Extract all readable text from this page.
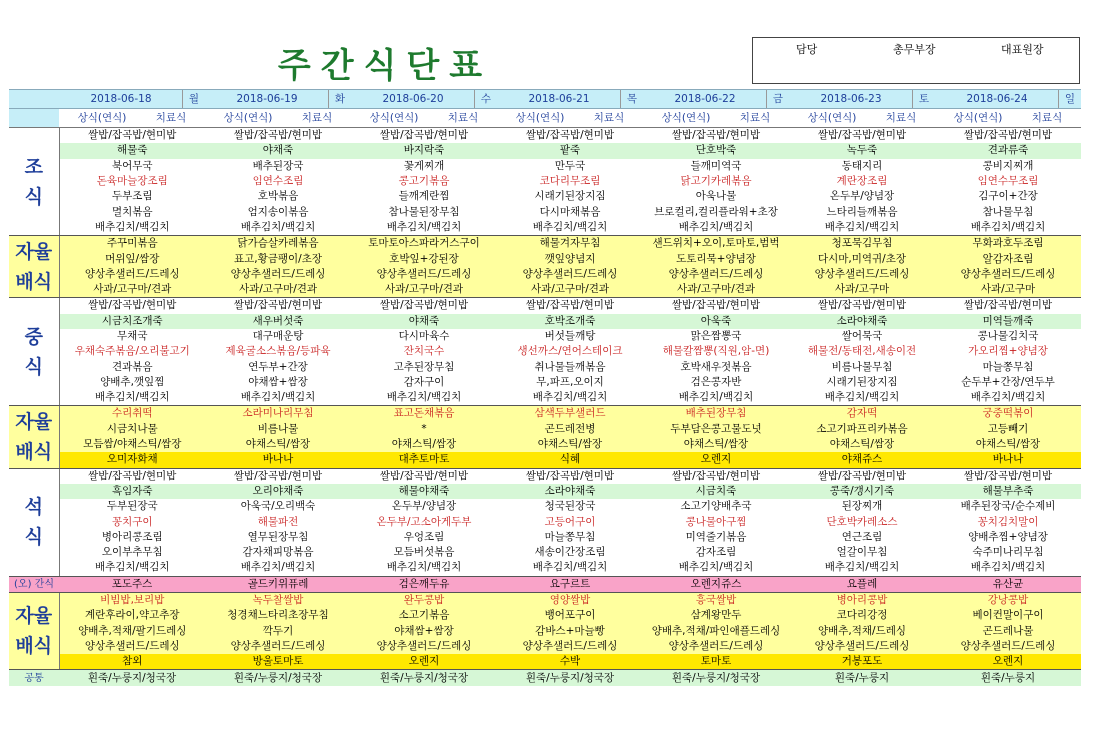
주간식단표	담당	총무부장	대표원장
	2018-06-18 월	2018-06-19 화	2018-06-20 수	2018-06-21 목	2018-06-22 금	2018-06-23 토	2018-06-24 일

	상식(연식) 치료식	상식(연식) 치료식	상식(연식) 치료식	상식(연식) 치료식	상식(연식) 치료식	상식(연식) 치료식	상식(연식) 치료식
조식	쌀밥/잡곡밥/현미밥	쌀밥/잡곡밥/현미밥	쌀밥/잡곡밥/현미밥	쌀밥/잡곡밥/현미밥	쌀밥/잡곡밥/현미밥	쌀밥/잡곡밥/현미밥	쌀밥/잡곡밥/현미밥
	해물죽	야채죽	바지락죽	팥죽	단호박죽	녹두죽	견과류죽
	북어무국	배추된장국	꽃게찌개	만두국	들깨미역국	동태지리	콩비지찌개
	돈육마늘장조림	임연수조림	콩고기볶음	코다리무조림	닭고기카레볶음	계란장조림	임연수무조림
	두부조림	호박볶음	들깨계란찜	시래기된장지짐	아욱나물	온두부/양념장	김구이+간장
	멸치볶음	엄지송이볶음	참나물된장무침	다시마채볶음	브로컬리,컬리플라워+초장	느타리들깨볶음	참나물무침
	배추김치/백김치	배추김치/백김치	배추김치/백김치	배추김치/백김치	배추김치/백김치	배추김치/백김치	배추김치/백김치
자율배식	주꾸미볶음	닭가슴살카레볶음	토마토아스파라거스구이	해물겨자무침	샌드위치+오이,토마토,범벅	청포묵김무침	무화과호두조림
	머위잎/쌈장	표고,황금팽이/초장	호박잎+강된장	깻잎양념지	도토리묵+양념장	다시마,미역귀/초장	알감자조림
	양상추샐러드/드레싱	양상추샐러드/드레싱	양상추샐러드/드레싱	양상추샐러드/드레싱	양상추샐러드/드레싱	양상추샐러드/드레싱	양상추샐러드/드레싱
	사과/고구마/견과	사과/고구마/견과	사과/고구마/견과	사과/고구마/견과	사과/고구마/견과	사과/고구마	사과/고구마
중식	쌀밥/잡곡밥/현미밥	쌀밥/잡곡밥/현미밥	쌀밥/잡곡밥/현미밥	쌀밥/잡곡밥/현미밥	쌀밥/잡곡밥/현미밥	쌀밥/잡곡밥/현미밥	쌀밥/잡곡밥/현미밥
	시금치조개죽	새우버섯죽	야채죽	호박조개죽	아욱죽	소라야채죽	미역들깨죽
	무채국	대구매운탕	다시마육수	버섯들깨탕	맑은짬뽕국	쌀어묵국	콩나물김치국
	우채숙주볶음/오리불고기	제육굴소스볶음/등파육	잔치국수	생선까스/연어스테이크	해물칼짬뽕(직원,암-면)	해물전/동태전,새송이전	가오리찜+양념장
	견과볶음	연두부+간장	고추된장무침	취나물들깨볶음	호박새우젓볶음	비름나물무침	마늘쫑무침
	양배추,깻잎찜	야채쌈+쌈장	감자구이	무,파프,오이지	검은콩자반	시래기된장지짐	순두부+간장/연두부
	배추김치/백김치	배추김치/백김치	배추김치/백김치	배추김치/백김치	배추김치/백김치	배추김치/백김치	배추김치/백김치
자율배식	수리취떡	소라미나리무침	표고돈채볶음	삼색두부샐러드	배추된장무침	감자떡	궁중떡볶이
	시금치나물	비름나물	*	곤드레전병	두부담은콩고물도넛	소고기파프리카볶음	고등빼기
	모듬쌈/야채스틱/쌈장	야채스틱/쌈장	야채스틱/쌈장	야채스틱/쌈장	야채스틱/쌈장	야채스틱/쌈장	야채스틱/쌈장
	오미자화채	바나나	대추토마토	식혜	오렌지	야채쥬스	바나나
석식	쌀밥/잡곡밥/현미밥	쌀밥/잡곡밥/현미밥	쌀밥/잡곡밥/현미밥	쌀밥/잡곡밥/현미밥	쌀밥/잡곡밥/현미밥	쌀밥/잡곡밥/현미밥	쌀밥/잡곡밥/현미밥
	흑임자죽	오리야채죽	해물야채죽	소라야채죽	시금치죽	콩죽/갱시기죽	해물부추죽
	두부된장국	아욱국/오리백숙	온두부/양념장	청국된장국	소고기양배추국	된장찌개	배추된장국/순수제비
	꽁치구이	해물파전	온두부/고소아게두부	고등어구이	콩나물아구찜	단호박카레소스	꽁치김치말이
	병아리콩조림	열무된장무침	우엉조림	마늘쫑무침	미역줄기볶음	연근조림	양배추찜+양념장
	오이부추무침	감자채피망볶음	모듬버섯볶음	새송이간장조림	감자조림	얼갈이무침	숙주미나리무침
	배추김치/백김치	배추김치/백김치	배추김치/백김치	배추김치/백김치	배추김치/백김치	배추김치/백김치	배추김치/백김치
(오) 간식	포도주스	골드키위퓨레	검은깨두유	요구르트	오렌지쥬스	요플레	유산균
자율배식	비빔밥,보리밥	녹두찰쌀밥	완두콩밥	영양쌀밥	흥국쌀밥	병아리콩밥	강낭콩밥
	계란후라이,약고추장	청경채느타리초장무침	소고기볶음	뱅어포구이	삼계왕만두	코다리강정	베이컨말이구이
	양배추,적채/팔기드레싱	깍두기	야채쌈+쌈장	감바스+마늘빵	양배추,적채/파인애플드레싱	양배추,적채/드레싱	곤드레나물
	양상추샐러드/드레싱	양상추샐러드/드레싱	양상추샐러드/드레싱	양상추샐러드/드레싱	양상추샐러드/드레싱	양상추샐러드/드레싱	양상추샐러드/드레싱
	참외	방울토마토	오렌지	수박	토마토	거봉포도	오렌지
공통	흰죽/누룽지/청국장	흰죽/누룽지/청국장	흰죽/누룽지/청국장	흰죽/누룽지/청국장	흰죽/누룽지/청국장	흰죽/누룽지	흰죽/누룽지
